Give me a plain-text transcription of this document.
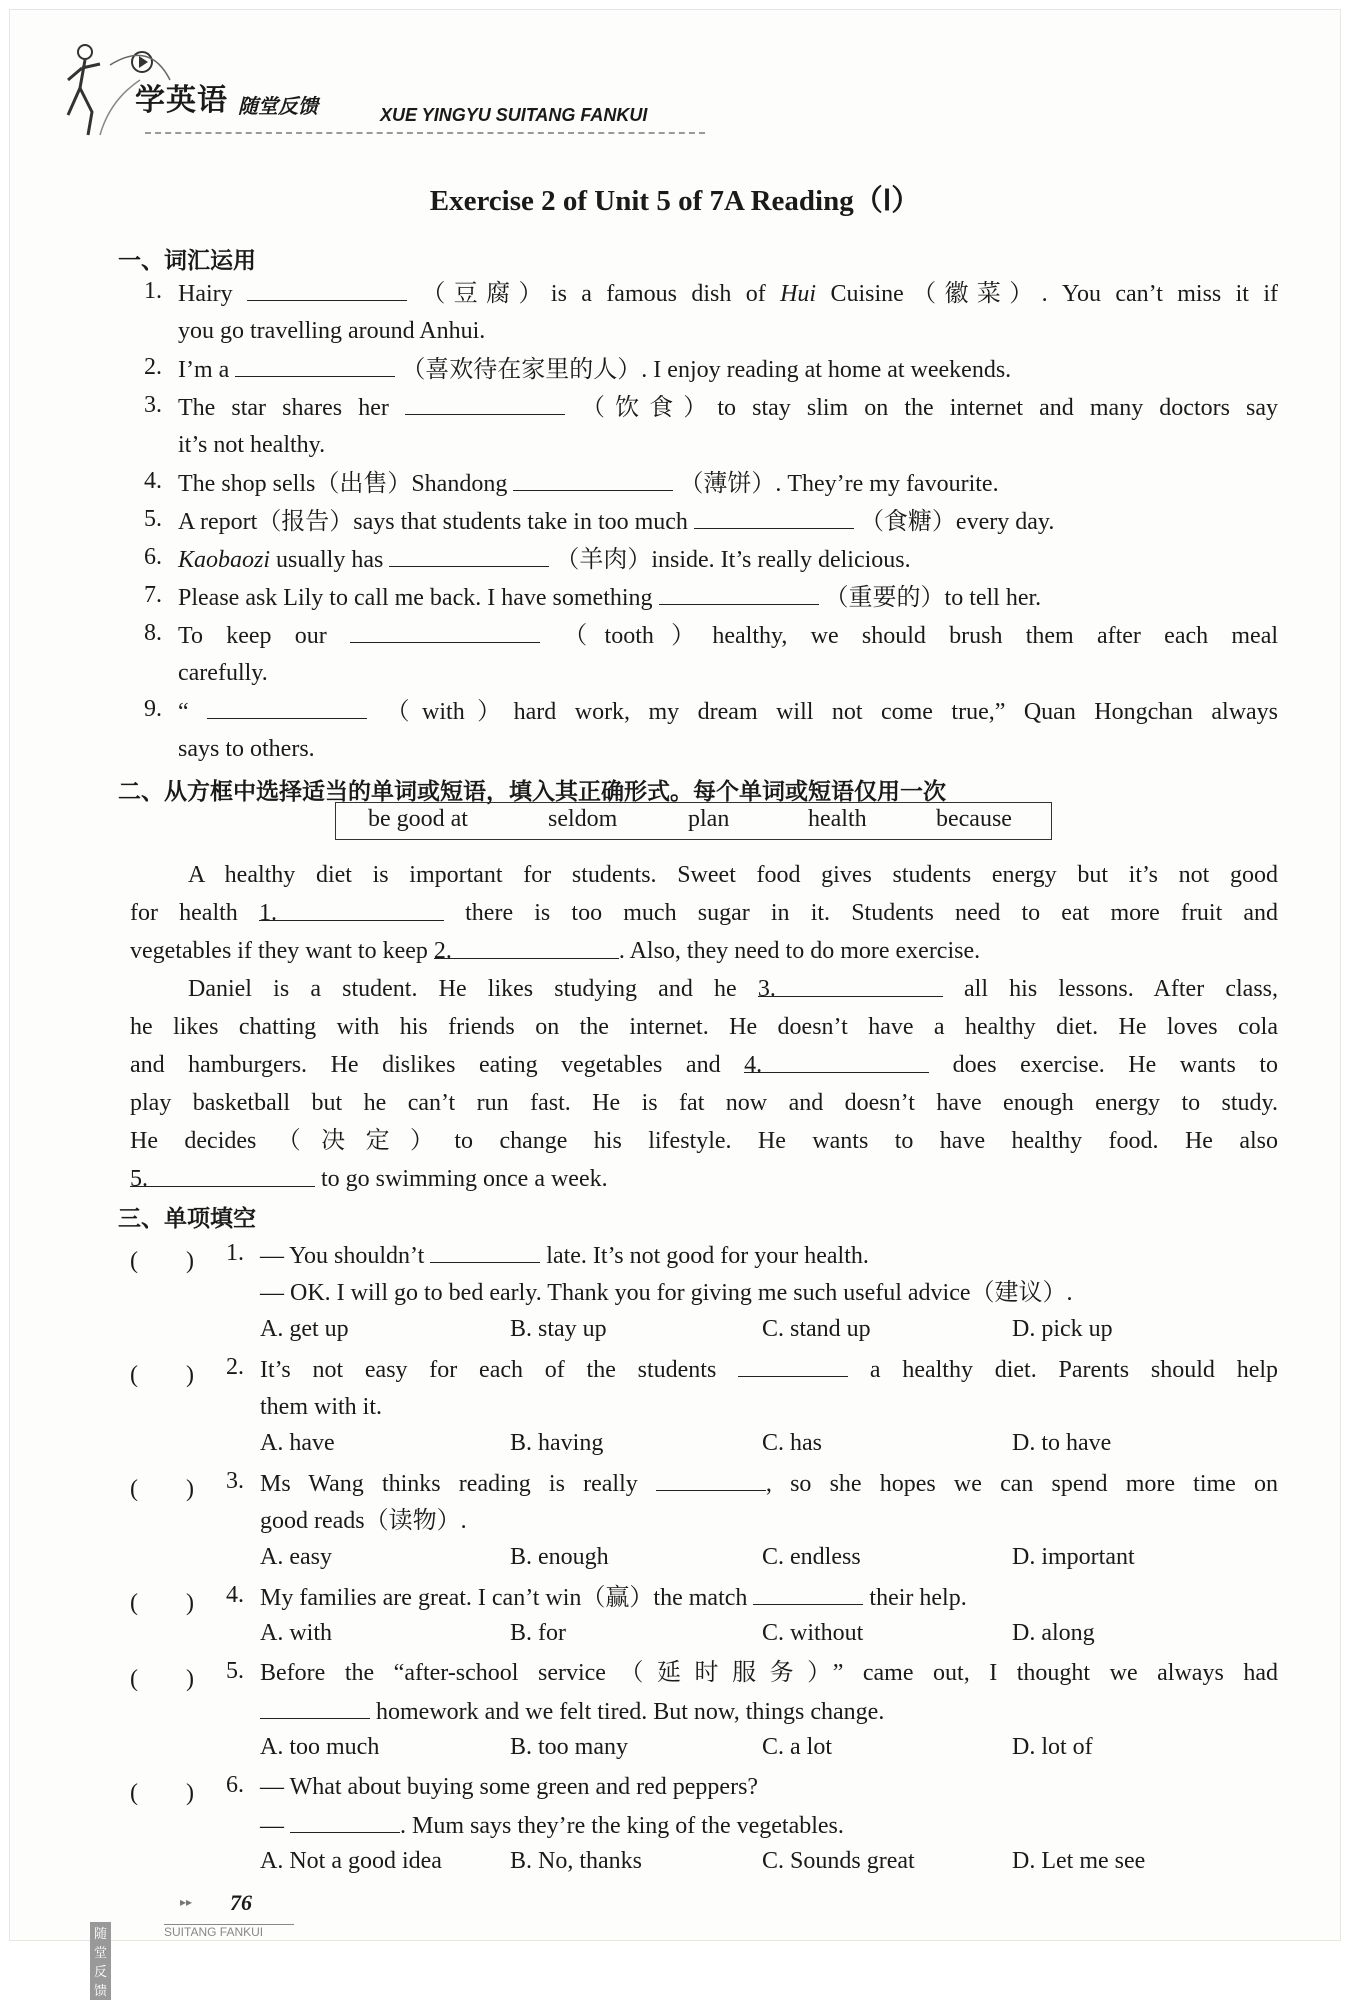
学英语 随堂反馈	XUE YINGYU SUITANG FANKUI
Exercise 2 of Unit 5 of 7A Reading（Ⅰ）
一、词汇运用
1. Hairy	（豆腐）is a famous dish of Hui Cuisine（徽菜）. You can’t miss it if
you go travelling around Anhui.
2. I’m a	（喜欢待在家里的人）. I enjoy reading at home at weekends.
3. The star shares her	（饮食）to stay slim on the internet and many doctors say
it’s not healthy.
4. The shop sells（出售）Shandong	（薄饼）. They’re my favourite.
5. A report（报告）says that students take in too much	（食糖）every day.
6. Kaobaozi usually has	（羊肉）inside. It’s really delicious.
7. Please ask Lily to call me back. I have something	（重要的）to tell her.
8. To keep our	（tooth）healthy, we should brush them after each meal
carefully.
9. “	（with）hard work, my dream will not come true,” Quan Hongchan always
says to others.
二、从方框中选择适当的单词或短语，填入其正确形式。每个单词或短语仅用一次
be good at	seldom	plan	health	because
A healthy diet is important for students. Sweet food gives students energy but it’s not good
for health 1.	there is too much sugar in it. Students need to eat more fruit and
vegetables if they want to keep 2.	. Also, they need to do more exercise.
Daniel is a student. He likes studying and he 3.	all his lessons. After class,
he likes chatting with his friends on the internet. He doesn’t have a healthy diet. He loves cola
and hamburgers. He dislikes eating vegetables and 4.	does exercise. He wants to
play basketball but he can’t run fast. He is fat now and doesn’t have enough energy to study.
He decides（决定）to change his lifestyle. He wants to have healthy food. He also
5.	to go swimming once a week.
三、单项填空
(　　) 1. — You shouldn’t	late. It’s not good for your health.
— OK. I will go to bed early. Thank you for giving me such useful advice（建议）.
A. get up	B. stay up	C. stand up	D. pick up
(　　) 2. It’s not easy for each of the students	a healthy diet. Parents should help
them with it.
A. have	B. having	C. has	D. to have
(　　) 3. Ms Wang thinks reading is really	, so she hopes we can spend more time on
good reads（读物）.
A. easy	B. enough	C. endless	D. important
(　　) 4. My families are great. I can’t win（赢）the match	their help.
A. with	B. for	C. without	D. along
(　　) 5. Before the “after-school service（延时服务）” came out, I thought we always had
homework and we felt tired. But now, things change.
A. too much	B. too many	C. a lot	D. lot of
(　　) 6. — What about buying some green and red peppers?
—	. Mum says they’re the king of the vegetables.
A. Not a good idea	B. No, thanks	C. Sounds great	D. Let me see
▸▸ 76
随堂反馈
SUITANG FANKUI
